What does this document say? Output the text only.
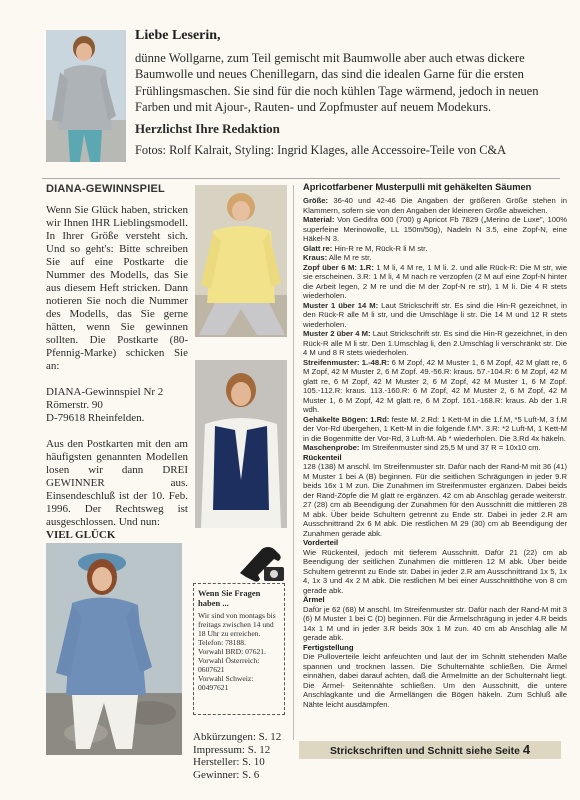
Liebe Leserin,
dünne Wollgarne, zum Teil gemischt mit Baumwolle aber auch etwas dickere Baumwolle und neues Chenillegarn, das sind die idealen Garne für die ersten Frühlingsmaschen. Sie sind für die noch kühlen Tage wärmend, jedoch in neuen Farben und mit Ajour-, Rauten- und Zopfmuster auf neuem Modekurs.
Herzlichst Ihre Redaktion
Fotos: Rolf Kalrait, Styling: Ingrid Klages, alle Accessoire-Teile von C&A
DIANA-GEWINNSPIEL

Wenn Sie Glück haben, stricken wir Ihnen IHR Lieblingsmodell. In Ihrer Größe versteht sich. Und so geht's: Bitte schreiben Sie auf eine Postkarte die Nummer des Modells, das Sie aus diesem Heft stricken. Dann notieren Sie noch die Nummer des Modells, das Sie gerne hätten, wenn Sie gewinnen sollten. Die Postkarte (80-Pfennig-Marke) schicken Sie an:

DIANA-Gewinnspiel Nr 2
Römerstr. 90
D-79618 Rheinfelden.

Aus den Postkarten mit den am häufigsten genannten Modellen losen wir dann DREI GEWINNER aus. Einsendeschluß ist der 10. Feb. 1996. Der Rechtsweg ist ausgeschlossen. Und nun:

VIEL GLÜCK
Wenn Sie Fragen haben ...
Wir sind von montags bis freitags zwischen 14 und 18 Uhr zu erreichen.
Telefon: 78188.
Vorwahl BRD: 07621.
Vorwahl Österreich: 0607621
Vorwahl Schweiz: 00497621
Abkürzungen: S. 12
Impressum: S. 12
Hersteller: S. 10
Gewinner: S. 6
Apricotfarbener Musterpulli mit gehäkelten Säumen
Größe: 36-40 und 42-46 Die Angaben der größeren Größe stehen in Klammern, sofern sie von den Angaben der kleineren Größe abweichen.
Material: Von Gedifra 600 (700) g Apricot Fb 7829 („Merino de Luxe", 100% superfeine Merinowolle, LL 150m/50g), Nadeln N 3.5, eine Zopf-N, eine Häkel-N 3.
Glatt re: Hin-R re M, Rück-R li M str.
Kraus: Alle M re str.
Zopf über 6 M: 1.R: 1 M li, 4 M re, 1 M li. 2. und alle Rück-R: Die M str, wie sie erscheinen. 3.R: 1 M li, 4 M nach re verzopfen (2 M auf eine Zopf-N hinter die Arbeit legen, 2 M re und die M der Zopf-N re str), 1 M li. Die 4 R stets wiederholen.
Muster 1 über 14 M: Laut Strickschrift str. Es sind die Hin-R gezeichnet, in den Rück-R alle M li str, und die Umschläge li str. Die 14 M und 12 R stets wiederholen.
Muster 2 über 4 M: Laut Strickschrift str. Es sind die Hin-R gezeichnet, in den Rück-R alle M li str. Den 1.Umschlag li, den 2.Umschlag li verschränkt str. Die 4 M und 8 R stets wiederholen.
Streifenmuster: 1.-48.R: 6 M Zopf, 42 M Muster 1, 6 M Zopf, 42 M glatt re, 6 M Zopf, 42 M Muster 2, 6 M Zopf. 49.-56.R: kraus. 57.-104.R: 6 M Zopf, 42 M glatt re, 6 M Zopf, 42 M Muster 2, 6 M Zopf, 42 M Muster 1, 6 M Zopf. 105.-112.R: kraus. 113.-160.R: 6 M Zopf, 42 M Muster 2, 6 M Zopf, 42 M Muster 1, 6 M Zopf, 42 M glatt re, 6 M Zopf. 161.-168.R: kraus. Ab der 1.R wdh.
Gehäkelte Bögen: 1.Rd: feste M. 2.Rd: 1 Kett-M in die 1.f.M, *5 Luft-M, 3 f.M der Vor-Rd übergehen, 1 Kett-M in die folgende f.M*. 3.R: *2 Luft-M, 1 Kett-M in die Bogenmitte der Vor-Rd, 3 Luft-M. Ab * wiederholen. Die 3.Rd 4x häkeln.
Maschenprobe: Im Streifenmuster sind 25,5 M und 37 R = 10x10 cm.
Rückenteil
128 (138) M anschl. Im Streifenmuster str. Dafür nach der Rand-M mit 36 (41) M Muster 1 bei A (B) beginnen. Für die seitlichen Schrägungen in jeder 9.R beids 16x 1 M zun. Die Zunahmen im Streifenmuster ergänzen. Dabei beids der Rand-Zöpfe die M glatt re ergänzen. 42 cm ab Anschlag gerade weiterstr. 27 (28) cm ab Beendigung der Zunahmen für den Ausschnitt die mittleren 28 M abk. Über beide Schultern getrennt zu Ende str. Dabei in jeder 2.R am Ausschnittrand 2x 6 M abk. Die restlichen M 29 (30) cm ab Beendigung der Zunahmen gerade abk.
Vorderteil
Wie Rückenteil, jedoch mit tieferem Ausschnitt. Dafür 21 (22) cm ab Beendigung der seitlichen Zunahmen die mittleren 12 M abk. Über beide Schultern getrennt zu Ende str. Dabei in jeder 2.R am Ausschnittrand 1x 5, 1x 4, 1x 3 und 4x 2 M abk. Die restlichen M bei einer Ausschnitthöhe von 8 cm gerade abk.
Ärmel
Dafür je 62 (68) M anschl. Im Streifenmuster str. Dafür nach der Rand-M mit 3 (6) M Muster 1 bei C (D) beginnen. Für die Ärmelschrägung in jeder 4.R beids 14x 1 M und in jeder 3.R beids 30x 1 M zun. 40 cm ab Anschlag alle M gerade abk.
Fertigstellung
Die Pulloverteile leicht anfeuchten und laut der im Schnitt stehenden Maße spannen und trocknen lassen. Die Schulternähte schließen. Die Ärmel einnähen, dabei darauf achten, daß die Ärmelmitte an der Schulternaht liegt. Die Ärmel- Seitennähte schließen. Um den Ausschnitt, die untere Anschlagkante und die Ärmellängen die Bögen häkeln. Zum Schluß alle Nähte leicht ausdämpfen.
Strickschriften und Schnitt siehe Seite 4
